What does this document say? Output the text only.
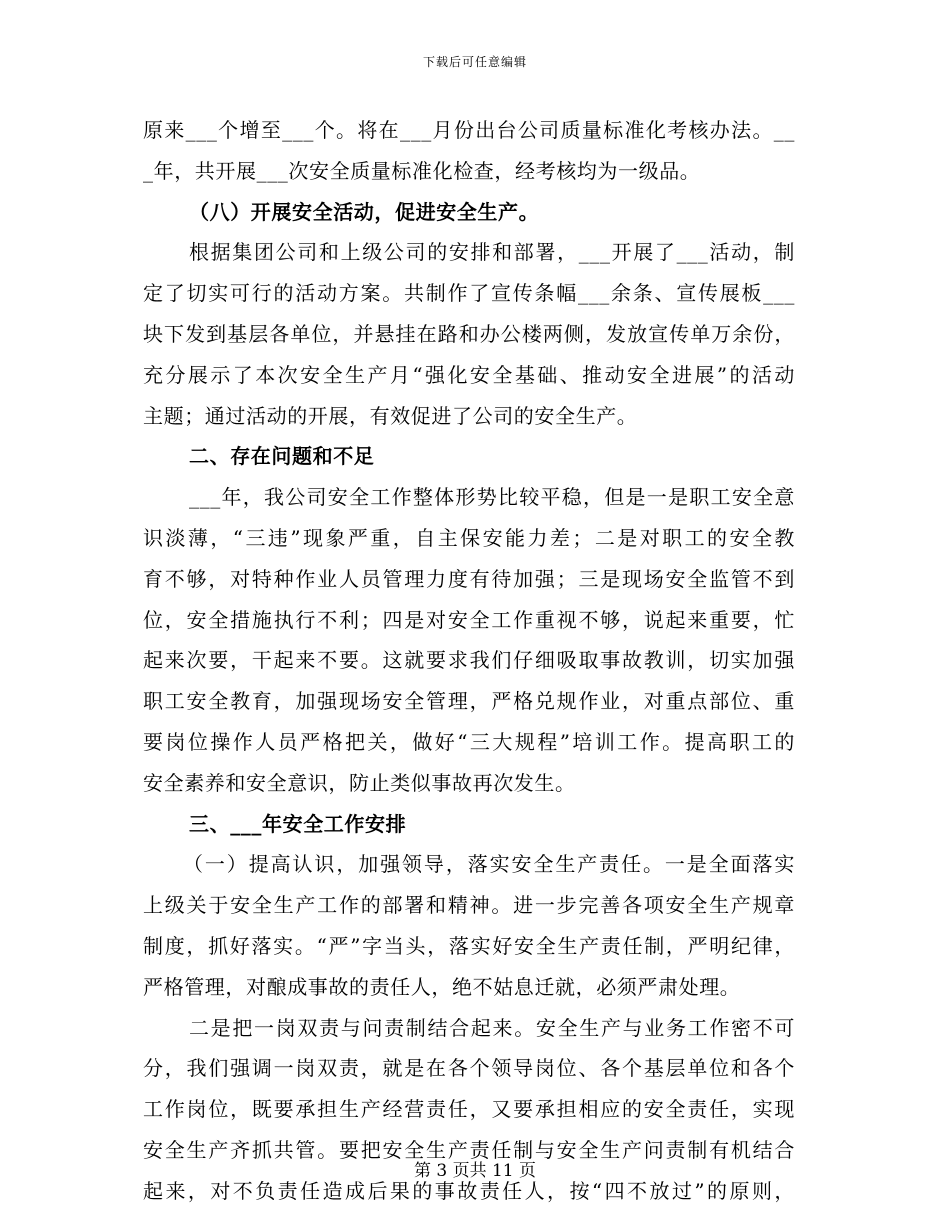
下载后可任意编辑
原来___个增至___个。将在___月份出台公司质量标准化考核办法。__
_年，共开展___次安全质量标准化检查，经考核均为一级品。
（八）开展安全活动，促进安全生产。
根据集团公司和上级公司的安排和部署，___开展了___活动，制
定了切实可行的活动方案。共制作了宣传条幅___余条、宣传展板___
块下发到基层各单位，并悬挂在路和办公楼两侧，发放宣传单万余份，
充分展示了本次安全生产月“强化安全基础、推动安全进展”的活动
主题；通过活动的开展，有效促进了公司的安全生产。
二、存在问题和不足
___年，我公司安全工作整体形势比较平稳，但是一是职工安全意
识淡薄，“三违”现象严重，自主保安能力差；二是对职工的安全教
育不够，对特种作业人员管理力度有待加强；三是现场安全监管不到
位，安全措施执行不利；四是对安全工作重视不够，说起来重要，忙
起来次要，干起来不要。这就要求我们仔细吸取事故教训，切实加强
职工安全教育，加强现场安全管理，严格兑规作业，对重点部位、重
要岗位操作人员严格把关，做好“三大规程”培训工作。提高职工的
安全素养和安全意识，防止类似事故再次发生。
三、___年安全工作安排
（一）提高认识，加强领导，落实安全生产责任。一是全面落实
上级关于安全生产工作的部署和精神。进一步完善各项安全生产规章
制度，抓好落实。“严”字当头，落实好安全生产责任制，严明纪律，
严格管理，对酿成事故的责任人，绝不姑息迁就，必须严肃处理。
二是把一岗双责与问责制结合起来。安全生产与业务工作密不可
分，我们强调一岗双责，就是在各个领导岗位、各个基层单位和各个
工作岗位，既要承担生产经营责任，又要承担相应的安全责任，实现
安全生产齐抓共管。要把安全生产责任制与安全生产问责制有机结合
起来，对不负责任造成后果的事故责任人，按“四不放过”的原则，
第 3 页共 11 页
